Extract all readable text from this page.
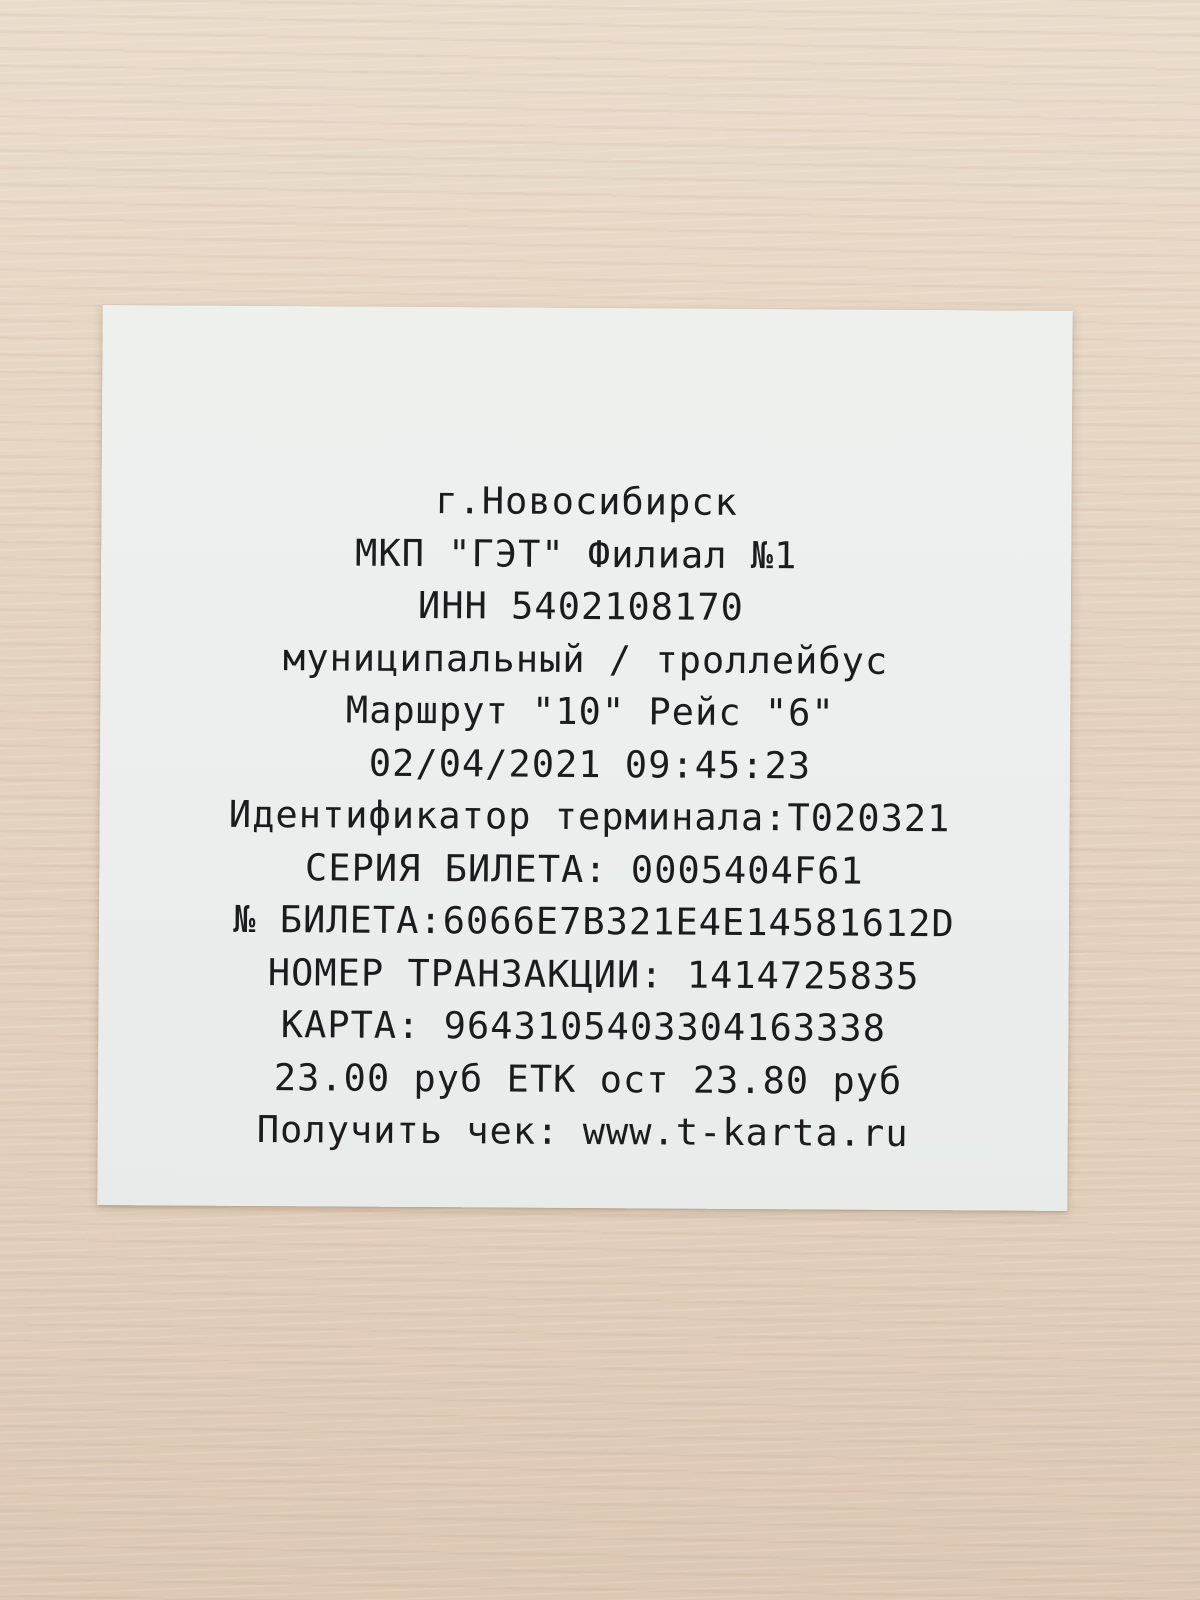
г.Новосибирск
МКП "ГЭТ" Филиал №1
ИНН 5402108170
муниципальный / троллейбус
Маршрут "10" Рейс "6"
02/04/2021 09:45:23
Идентификатор терминала:Т020321
СЕРИЯ БИЛЕТА: 0005404F61
№ БИЛЕТА:6066E7B321E4E14581612D
НОМЕР ТРАНЗАКЦИИ: 1414725835
КАРТА: 9643105403304163338
23.00 руб ЕТК ост 23.80 руб
Получить чек: www.t-karta.ru
